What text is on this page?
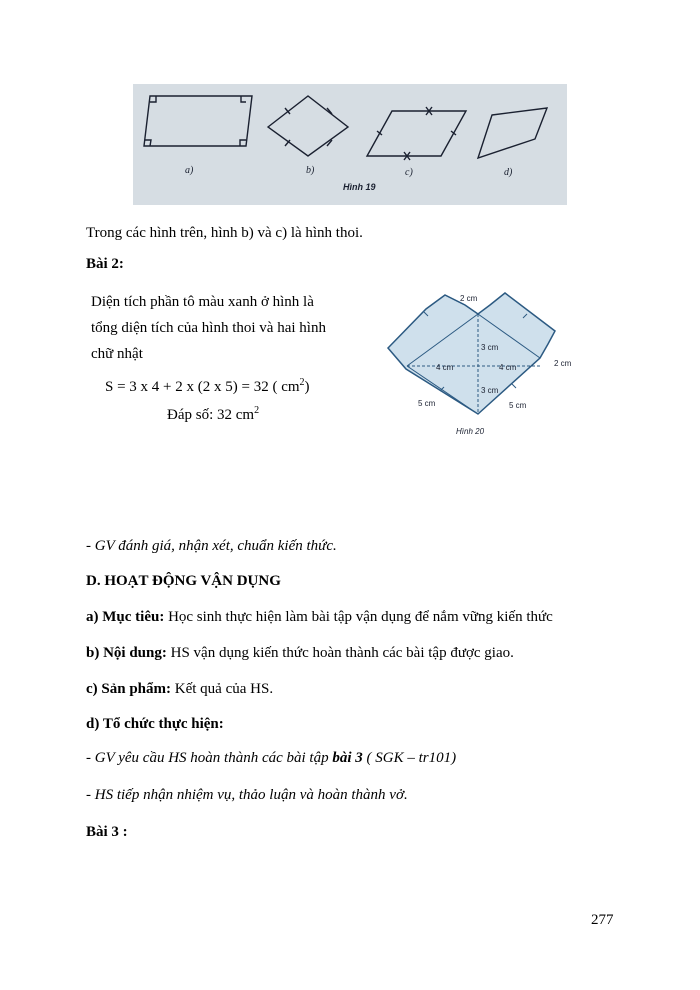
a)	b)	c)	d)
Hình 19
Trong các hình trên, hình b) và c) là hình thoi.
Bài 2:
Diện tích phần tô màu xanh ở hình là
tổng diện tích của hình thoi và hai hình
chữ nhật
S = 3 x 4 + 2 x (2 x 5) = 32 ( $cm^2$)
Đáp số: 32 $cm^2$
2 cm
2 cm
3 cm
3 cm
4 cm	4 cm
5 cm	5 cm
Hình 20
- GV đánh giá, nhận xét, chuẩn kiến thức.
D. HOẠT ĐỘNG VẬN DỤNG
a) Mục tiêu: Học sinh thực hiện làm bài tập vận dụng để nắm vững kiến thức
b) Nội dung: HS vận dụng kiến thức hoàn thành các bài tập được giao.
c) Sản phẩm: Kết quả của HS.
d) Tổ chức thực hiện:
- GV yêu cầu HS hoàn thành các bài tập bài 3 ( SGK – tr101)
- HS tiếp nhận nhiệm vụ, thảo luận và hoàn thành vở.
Bài 3 :
277
